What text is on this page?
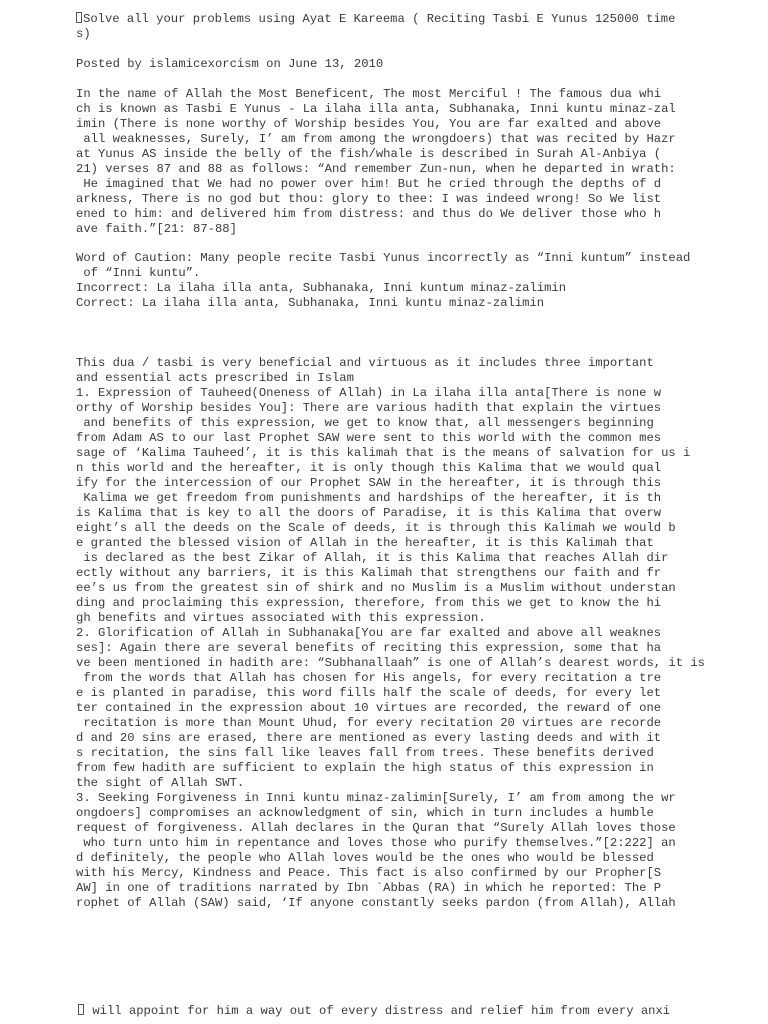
Solve all your problems using Ayat E Kareema ( Reciting Tasbi E Yunus 125000 time
s)
Posted by islamicexorcism on June 13, 2010
In the name of Allah the Most Beneficent, The most Merciful ! The famous dua whi
ch is known as Tasbi E Yunus - La ilaha illa anta, Subhanaka, Inni kuntu minaz-zal
imin (There is none worthy of Worship besides You, You are far exalted and above
all weaknesses, Surely, I’ am from among the wrongdoers) that was recited by Hazr
at Yunus AS inside the belly of the fish/whale is described in Surah Al-Anbiya (
21) verses 87 and 88 as follows: “And remember Zun-nun, when he departed in wrath:
He imagined that We had no power over him! But he cried through the depths of d
arkness, There is no god but thou: glory to thee: I was indeed wrong! So We list
ened to him: and delivered him from distress: and thus do We deliver those who h
ave faith.”[21: 87-88]
Word of Caution: Many people recite Tasbi Yunus incorrectly as “Inni kuntum” instead
of “Inni kuntu”.
Incorrect: La ilaha illa anta, Subhanaka, Inni kuntum minaz-zalimin
Correct: La ilaha illa anta, Subhanaka, Inni kuntu minaz-zalimin
This dua / tasbi is very beneficial and virtuous as it includes three important
and essential acts prescribed in Islam
1. Expression of Tauheed(Oneness of Allah) in La ilaha illa anta[There is none w
orthy of Worship besides You]: There are various hadith that explain the virtues
and benefits of this expression, we get to know that, all messengers beginning
from Adam AS to our last Prophet SAW were sent to this world with the common mes
sage of ‘Kalima Tauheed’, it is this kalimah that is the means of salvation for us i
n this world and the hereafter, it is only though this Kalima that we would qual
ify for the intercession of our Prophet SAW in the hereafter, it is through this
Kalima we get freedom from punishments and hardships of the hereafter, it is th
is Kalima that is key to all the doors of Paradise, it is this Kalima that overw
eight’s all the deeds on the Scale of deeds, it is through this Kalimah we would b
e granted the blessed vision of Allah in the hereafter, it is this Kalimah that
is declared as the best Zikar of Allah, it is this Kalima that reaches Allah dir
ectly without any barriers, it is this Kalimah that strengthens our faith and fr
ee’s us from the greatest sin of shirk and no Muslim is a Muslim without understan
ding and proclaiming this expression, therefore, from this we get to know the hi
gh benefits and virtues associated with this expression.
2. Glorification of Allah in Subhanaka[You are far exalted and above all weaknes
ses]: Again there are several benefits of reciting this expression, some that ha
ve been mentioned in hadith are: “Subhanallaah” is one of Allah’s dearest words, it is
from the words that Allah has chosen for His angels, for every recitation a tre
e is planted in paradise, this word fills half the scale of deeds, for every let
ter contained in the expression about 10 virtues are recorded, the reward of one
recitation is more than Mount Uhud, for every recitation 20 virtues are recorde
d and 20 sins are erased, there are mentioned as every lasting deeds and with it
s recitation, the sins fall like leaves fall from trees. These benefits derived
from few hadith are sufficient to explain the high status of this expression in
the sight of Allah SWT.
3. Seeking Forgiveness in Inni kuntu minaz-zalimin[Surely, I’ am from among the wr
ongdoers] compromises an acknowledgment of sin, which in turn includes a humble
request of forgiveness. Allah declares in the Quran that “Surely Allah loves those
who turn unto him in repentance and loves those who purify themselves.”[2:222] an
d definitely, the people who Allah loves would be the ones who would be blessed
with his Mercy, Kindness and Peace. This fact is also confirmed by our Propher[S
AW] in one of traditions narrated by Ibn `Abbas (RA) in which he reported: The P
rophet of Allah (SAW) said, ‘If anyone constantly seeks pardon (from Allah), Allah
will appoint for him a way out of every distress and relief him from every anxi
